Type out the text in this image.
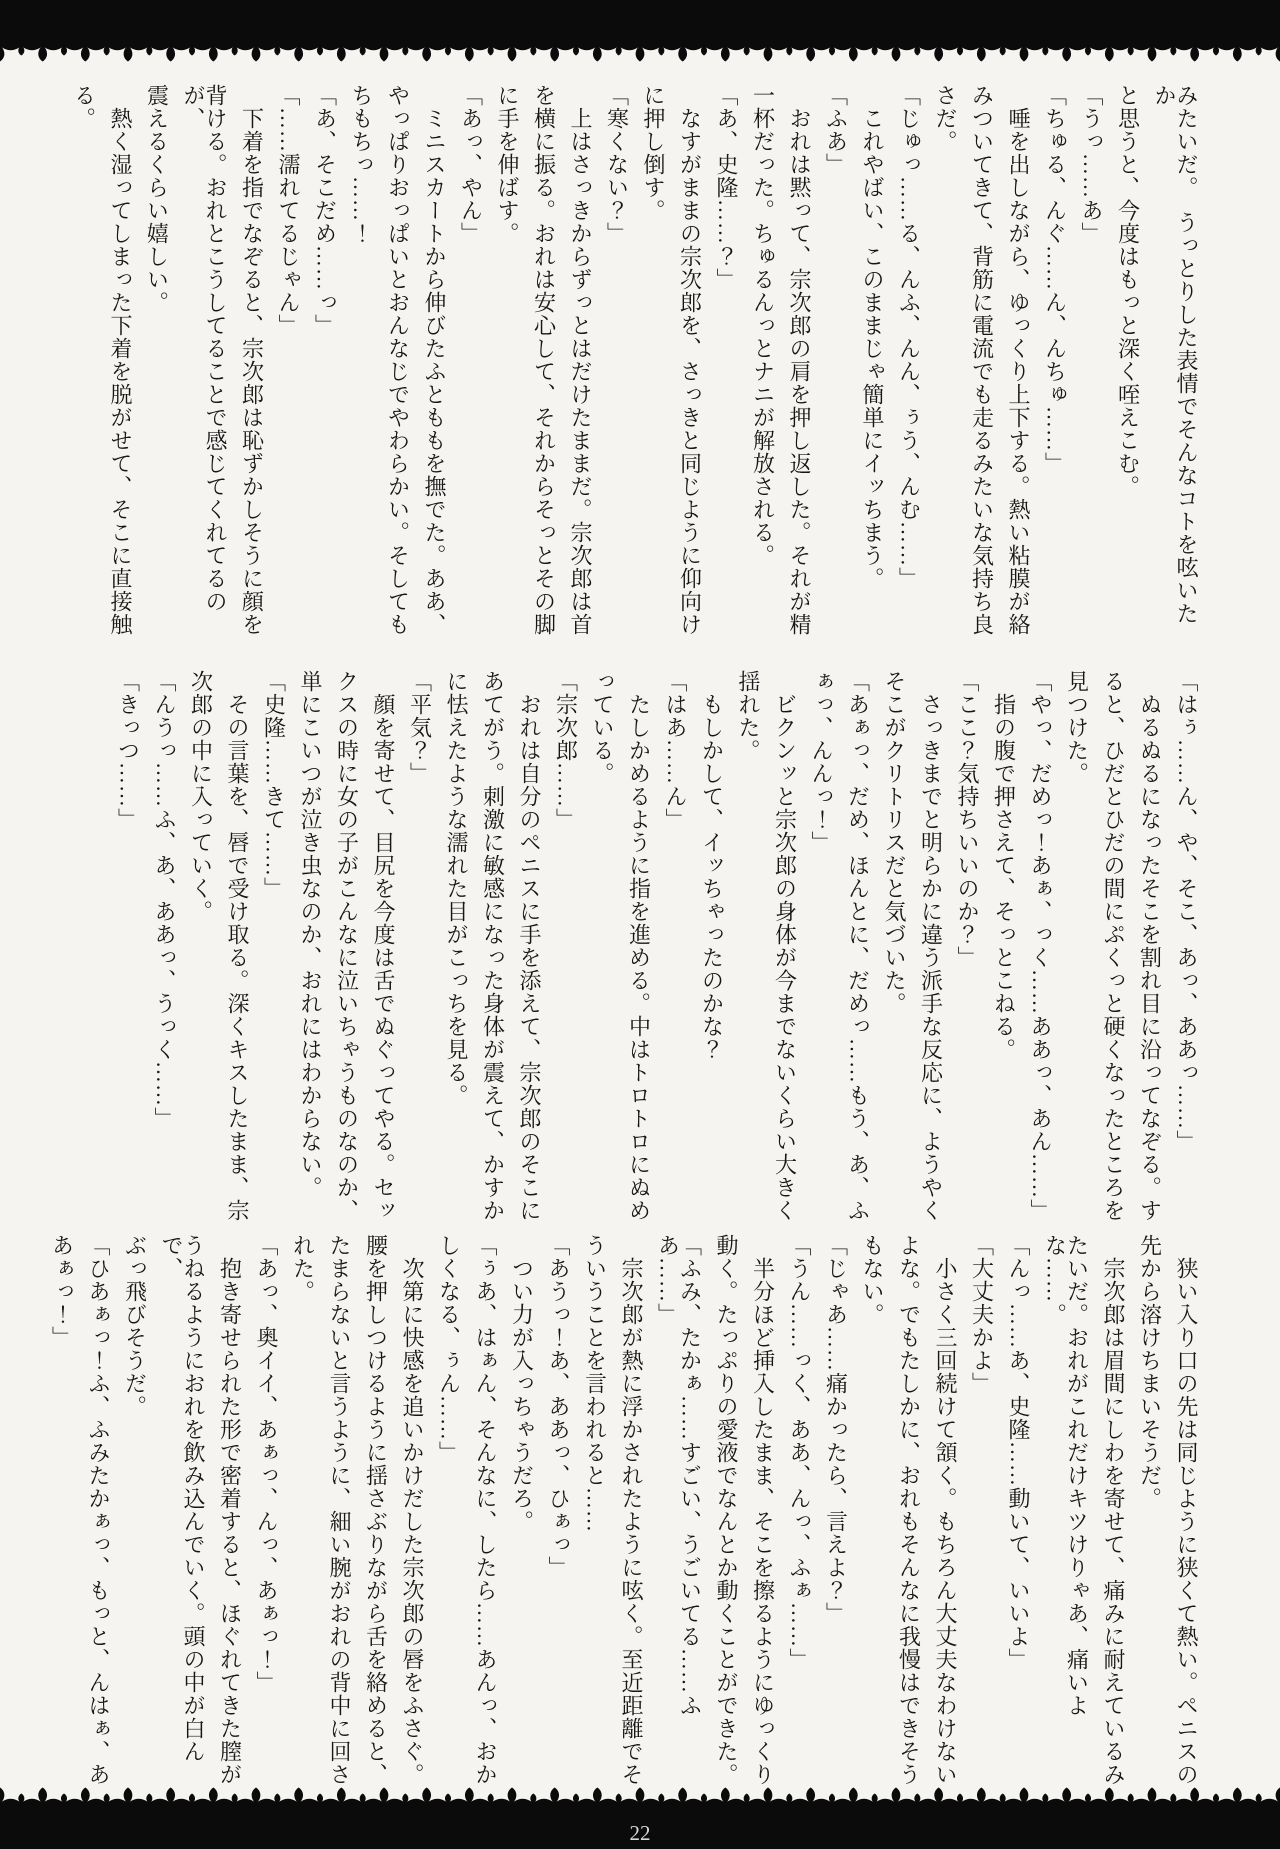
みたいだ。　うっとりした表情でそんなコトを呟いたか

と思うと、今度はもっと深く咥えこむ。

「うっ……あ」

「ちゅる、んぐ……ん、んちゅ……」

　唾を出しながら、ゆっくり上下する。熱い粘膜が絡

みついてきて、背筋に電流でも走るみたいな気持ち良

さだ。

「じゅっ……る、んふ、んん、ぅう、んむ……」

　これやばい、このままじゃ簡単にイッちまう。

「ふあ」

　おれは黙って、宗次郎の肩を押し返した。それが精

一杯だった。ちゅるんっとナニが解放される。

「あ、史隆……？」

　なすがままの宗次郎を、さっきと同じように仰向け

に押し倒す。

「寒くない？」

　上はさっきからずっとはだけたままだ。宗次郎は首

を横に振る。おれは安心して、それからそっとその脚

に手を伸ばす。

「あっ、やん」

　ミニスカートから伸びたふとももを撫でた。ああ、

やっぱりおっぱいとおんなじでやわらかい。そしても

ちもちっ……！

「あ、そこだめ……っ」

「……濡れてるじゃん」

　下着を指でなぞると、宗次郎は恥ずかしそうに顔を

背ける。おれとこうしてることで感じてくれてるのが、

震えるくらい嬉しい。

　熱く湿ってしまった下着を脱がせて、そこに直接触

る。

「はぅ……ん、や、そこ、あっ、ああっ……」

　ぬるぬるになったそこを割れ目に沿ってなぞる。す

ると、ひだとひだの間にぷくっと硬くなったところを

見つけた。

「やっ、だめっ！あぁ、っく……ああっ、あん……」

　指の腹で押さえて、そっとこねる。

「ここ？気持ちいいのか？」

　さっきまでと明らかに違う派手な反応に、ようやく

そこがクリトリスだと気づいた。

「あぁっ、だめ、ほんとに、だめっ……もう、あ、ふ

ぁっ、んんっ！」

　ビクンッと宗次郎の身体が今までないくらい大きく

揺れた。

　もしかして、イッちゃったのかな？

「はあ……ん」

　たしかめるように指を進める。中はトロトロにぬめ

っている。

「宗次郎……」

　おれは自分のペニスに手を添えて、宗次郎のそこに

あてがう。刺激に敏感になった身体が震えて、かすか

に怯えたような濡れた目がこっちを見る。

「平気？」

　顔を寄せて、目尻を今度は舌でぬぐってやる。セッ

クスの時に女の子がこんなに泣いちゃうものなのか、

単にこいつが泣き虫なのか、おれにはわからない。

「史隆……きて……」

　その言葉を、唇で受け取る。深くキスしたまま、宗

次郎の中に入っていく。

「んうっ……ふ、あ、ああっ、うっく……」

「きっつ……」

　狭い入り口の先は同じように狭くて熱い。ペニスの

先から溶けちまいそうだ。

　宗次郎は眉間にしわを寄せて、痛みに耐えているみ

たいだ。おれがこれだけキツけりゃあ、痛いよな……。

「んっ……あ、史隆……動いて、いいよ」

「大丈夫かよ」

　小さく三回続けて頷く。もちろん大丈夫なわけない

よな。でもたしかに、おれもそんなに我慢はできそう

もない。

「じゃあ……痛かったら、言えよ？」

「うん……っく、ああ、んっ、ふぁ……」

　半分ほど挿入したまま、そこを擦るようにゆっくり

動く。たっぷりの愛液でなんとか動くことができた。

「ふみ、たかぁ……すごい、うごいてる……ふあ……」

　宗次郎が熱に浮かされたように呟く。至近距離でそ

ういうことを言われると……

「あうっ！あ、ああっ、ひぁっ」

　つい力が入っちゃうだろ。

「ぅあ、はぁん、そんなに、したら……あんっ、おか

しくなる、ぅん……」

　次第に快感を追いかけだした宗次郎の唇をふさぐ。

腰を押しつけるように揺さぶりながら舌を絡めると、

たまらないと言うように、細い腕がおれの背中に回さ

れた。

「あっ、奥イイ、あぁっ、んっ、あぁっ！」

　抱き寄せられた形で密着すると、ほぐれてきた膣が

うねるようにおれを飲み込んでいく。頭の中が白んで、

ぶっ飛びそうだ。

「ひあぁっ！ふ、ふみたかぁっ、もっと、んはぁ、あ

あぁっ！」

22
